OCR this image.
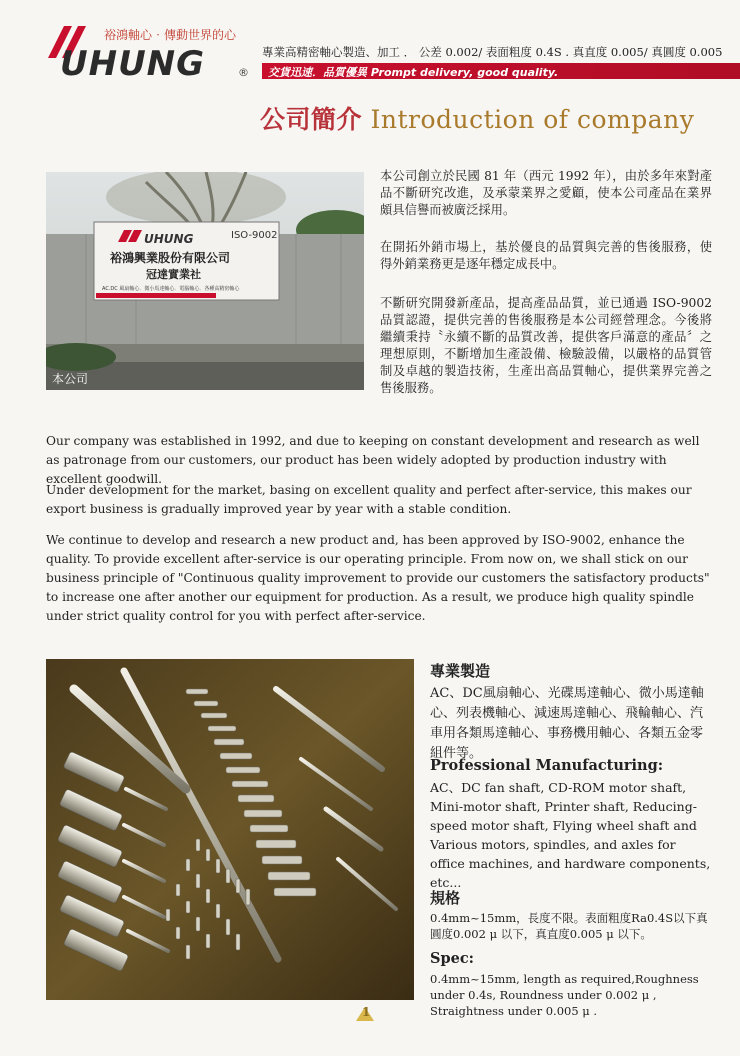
裕鴻軸心‧傳動世界的心
UHUNG	®
專業高精密軸心製造、加工 ． 公差 0.002/ 表面粗度 0.4S . 真直度 0.005/ 真圓度 0.005
交貨迅速．品質優異 Prompt delivery, good quality.
公司簡介 Introduction of company
UHUNG	ISO-9002
裕鴻興業股份有限公司
冠達實業社
AC.DC 風扇軸心．微小馬達軸心．電腦軸心．各種高精密軸心
本公司
本公司創立於民國 81 年（西元 1992 年），由於多年來對產品不斷研究改進，及承蒙業界之愛顧，使本公司產品在業界頗具信譽而被廣泛採用。
在開拓外銷市場上，基於優良的品質與完善的售後服務，使得外銷業務更是逐年穩定成長中。
不斷研究開發新產品，提高產品品質，並已通過 ISO-9002 品質認證，提供完善的售後服務是本公司經營理念。今後將繼續秉持〝永續不斷的品質改善，提供客戶滿意的產品〞之理想原則，不斷增加生產設備、檢驗設備，以嚴格的品質管制及卓越的製造技術，生產出高品質軸心，提供業界完善之售後服務。
Our company was established in 1992, and due to keeping on constant development and research as well as patronage from our customers, our product has been widely adopted by production industry with excellent goodwill.
Under development for the market, basing on excellent quality and perfect after-service, this makes our export business is gradually improved year by year with a stable condition.
We continue to develop and research a new product and, has been approved by ISO-9002, enhance the quality. To provide excellent after-service is our operating principle. From now on, we shall stick on our business principle of "Continuous quality improvement to provide our customers the satisfactory products" to increase one after another our equipment for production. As a result, we produce high quality spindle under strict quality control for you with perfect after-service.
專業製造
AC、DC風扇軸心、光碟馬達軸心、微小馬達軸心、列表機軸心、減速馬達軸心、飛輪軸心、汽車用各類馬達軸心、事務機用軸心、各類五金零組件等。
Professional Manufacturing:
AC、DC fan shaft, CD-ROM motor shaft, Mini-motor shaft, Printer shaft, Reducing-speed motor shaft, Flying wheel shaft and Various motors, spindles, and axles for office machines, and hardware components, etc...
規格
0.4mm~15mm，長度不限。表面粗度Ra0.4S以下真圓度0.002 μ 以下，真直度0.005 μ 以下。
Spec:
0.4mm~15mm, length as required,Roughness under 0.4s, Roundness under 0.002 μ , Straightness under 0.005 μ .
1
